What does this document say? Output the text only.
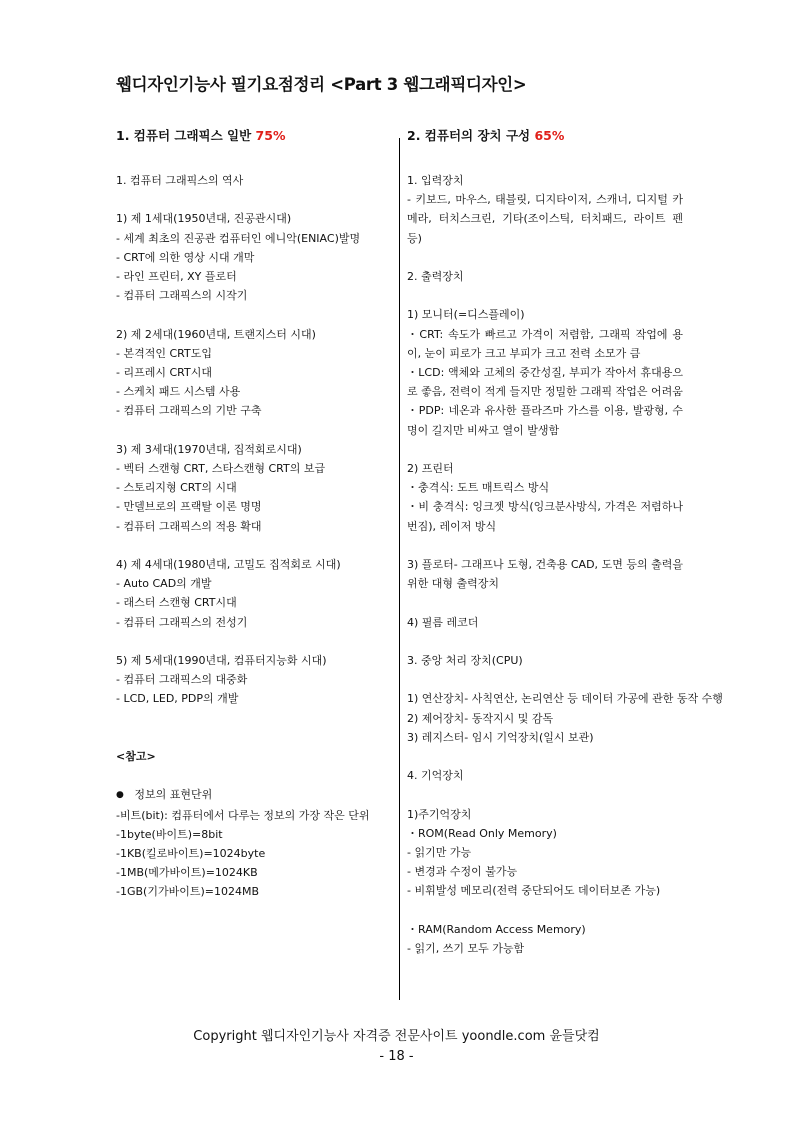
웹디자인기능사 필기요점정리 <Part 3 웹그래픽디자인>
1. 컴퓨터 그래픽스 일반 75%
1. 컴퓨터 그래픽스의 역사
1) 제 1세대(1950년대, 진공관시대)
- 세계 최초의 진공관 컴퓨터인 에니악(ENIAC)발명
- CRT에 의한 영상 시대 개막
- 라인 프린터, XY 플로터
- 컴퓨터 그래픽스의 시작기
2) 제 2세대(1960년대, 트랜지스터 시대)
- 본격적인 CRT도입
- 리프레시 CRT시대
- 스케치 패드 시스템 사용
- 컴퓨터 그래픽스의 기반 구축
3) 제 3세대(1970년대, 집적회로시대)
- 벡터 스캔형 CRT, 스타스캔형 CRT의 보급
- 스토리지형 CRT의 시대
- 만델브로의 프랙탈 이론 명명
- 컴퓨터 그래픽스의 적용 확대
4) 제 4세대(1980년대, 고밀도 집적회로 시대)
- Auto CAD의 개발
- 래스터 스캔형 CRT시대
- 컴퓨터 그래픽스의 전성기
5) 제 5세대(1990년대, 컴퓨터지능화 시대)
- 컴퓨터 그래픽스의 대중화
- LCD, LED, PDP의 개발
<참고>
● 정보의 표현단위
-비트(bit): 컴퓨터에서 다루는 정보의 가장 작은 단위
-1byte(바이트)=8bit
-1KB(킬로바이트)=1024byte
-1MB(메가바이트)=1024KB
-1GB(기가바이트)=1024MB
2. 컴퓨터의 장치 구성 65%
1. 입력장치
- 키보드, 마우스, 태블릿, 디지타이저, 스캐너, 디지털 카메라, 터치스크린, 기타(조이스틱, 터치패드, 라이트 펜 등)
2. 출력장치
1) 모니터(=디스플레이)
・CRT: 속도가 빠르고 가격이 저렴함, 그래픽 작업에 용이, 눈이 피로가 크고 부피가 크고 전력 소모가 큼
・LCD: 액체와 고체의 중간성질, 부피가 작아서 휴대용으로 좋음, 전력이 적게 들지만 정밀한 그래픽 작업은 어려움
・PDP: 네온과 유사한 플라즈마 가스를 이용, 발광형, 수명이 길지만 비싸고 열이 발생함
2) 프린터
・충격식: 도트 매트릭스 방식
・비 충격식: 잉크젯 방식(잉크분사방식, 가격은 저렴하나 번짐), 레이저 방식
3) 플로터- 그래프나 도형, 건축용 CAD, 도면 등의 출력을 위한 대형 출력장치
4) 필름 레코더
3. 중앙 처리 장치(CPU)
1) 연산장치- 사칙연산, 논리연산 등 데이터 가공에 관한 동작 수행
2) 제어장치- 동작지시 및 감독
3) 레지스터- 임시 기억장치(일시 보관)
4. 기억장치
1)주기억장치
・ROM(Read Only Memory)
- 읽기만 가능
- 변경과 수정이 불가능
- 비휘발성 메모리(전력 중단되어도 데이터보존 가능)
・RAM(Random Access Memory)
- 읽기, 쓰기 모두 가능함
Copyright 웹디자인기능사 자격증 전문사이트 yoondle.com 윤들닷컴
- 18 -
